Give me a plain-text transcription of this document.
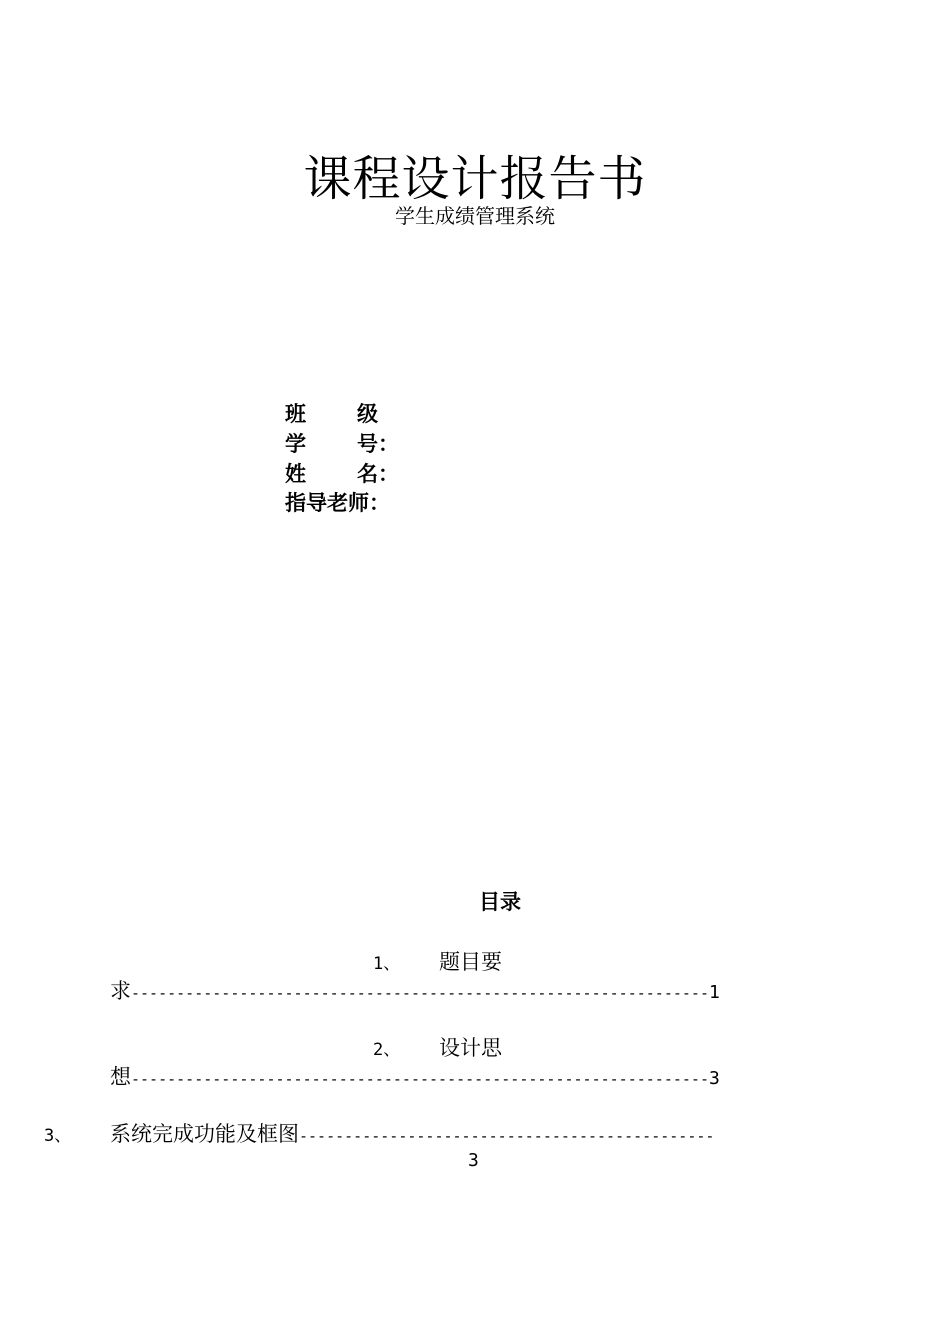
课程设计报告书
学生成绩管理系统
班 级
学 号：
姓 名：
指导老师：
目录
1、 题目要
求----------------------------------------------------------------1
2、 设计思
想----------------------------------------------------------------3
3、 系统完成功能及框图----------------------------------------------
3
